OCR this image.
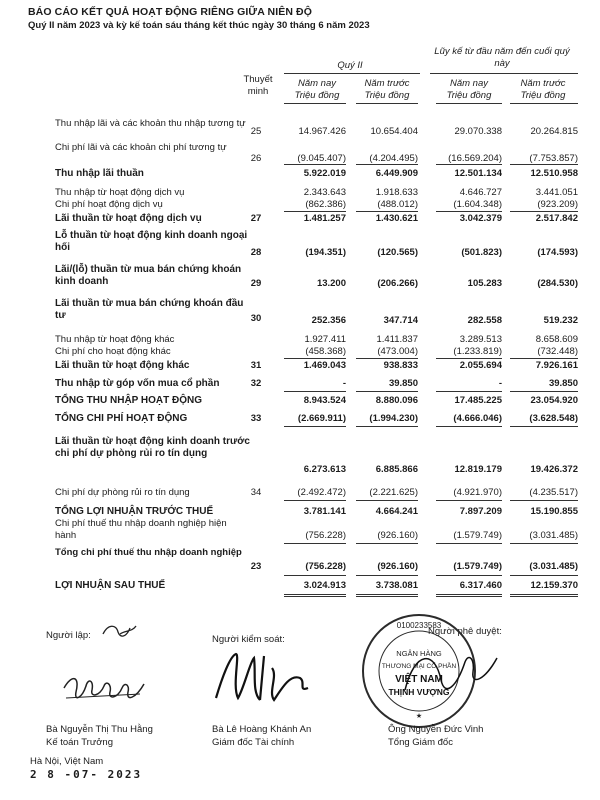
BÁO CÁO KẾT QUẢ HOẠT ĐỘNG RIÊNG GIỮA NIÊN ĐỘ
Quý II năm 2023 và kỳ kế toán sáu tháng kết thúc ngày 30 tháng 6 năm 2023
Thuyết minh
Quý II
Lũy kế từ đầu năm đến cuối quý này
Năm nay
Triệu đồng
Năm trước
Triệu đồng
Năm nay
Triệu đồng
Năm trước
Triệu đồng
Thu nhập lãi và các khoản thu nhập tương tự
25	14.967.426	10.654.404	29.070.338	20.264.815
Chi phí lãi và các khoản chi phí tương tự
26	(9.045.407)	(4.204.495)	(16.569.204)	(7.753.857)
Thu nhập lãi thuần	5.922.019	6.449.909	12.501.134	12.510.958
Thu nhập từ hoạt động dịch vụ	2.343.643	1.918.633	4.646.727	3.441.051
Chi phí hoạt động dịch vụ	(862.386)	(488.012)	(1.604.348)	(923.209)
Lãi thuần từ hoạt động dịch vụ	27	1.481.257	1.430.621	3.042.379	2.517.842
Lỗ thuần từ hoạt động kinh doanh ngoại hối	28	(194.351)	(120.565)	(501.823)	(174.593)
Lãi/(lỗ) thuần từ mua bán chứng khoán kinh doanh	29	13.200	(206.266)	105.283	(284.530)
Lãi thuần từ mua bán chứng khoán đầu tư	30	252.356	347.714	282.558	519.232
Thu nhập từ hoạt động khác	1.927.411	1.411.837	3.289.513	8.658.609
Chi phí cho hoạt động khác	(458.368)	(473.004)	(1.233.819)	(732.448)
Lãi thuần từ hoạt động khác	31	1.469.043	938.833	2.055.694	7.926.161
Thu nhập từ góp vốn mua cổ phần	32	-	39.850	-	39.850
TỔNG THU NHẬP HOẠT ĐỘNG	8.943.524	8.880.096	17.485.225	23.054.920
TỔNG CHI PHÍ HOẠT ĐỘNG	33	(2.669.911)	(1.994.230)	(4.666.046)	(3.628.548)
Lãi thuần từ hoạt động kinh doanh trước chi phí dự phòng rủi ro tín dụng
6.273.613	6.885.866	12.819.179	19.426.372
Chi phí dự phòng rủi ro tín dụng	34	(2.492.472)	(2.221.625)	(4.921.970)	(4.235.517)
TỔNG LỢI NHUẬN TRƯỚC THUẾ	3.781.141	4.664.241	7.897.209	15.190.855
Chi phí thuế thu nhập doanh nghiệp hiện hành	(756.228)	(926.160)	(1.579.749)	(3.031.485)
Tổng chi phí thuế thu nhập doanh nghiệp
23	(756.228)	(926.160)	(1.579.749)	(3.031.485)
LỢI NHUẬN SAU THUẾ	3.024.913	3.738.081	6.317.460	12.159.370
Người lập:	Người kiểm soát:
Người phê duyệt:
0100233583
NGÂN HÀNG
THƯƠNG MẠI CỔ PHẦN
VIỆT NAM
THỊNH VƯỢNG
★
Bà Nguyễn Thị Thu Hằng
Kế toán Trưởng
Bà Lê Hoàng Khánh An
Giám đốc Tài chính
Ông Nguyễn Đức Vinh
Tổng Giám đốc
Hà Nội, Việt Nam
2 8 -07- 2023
